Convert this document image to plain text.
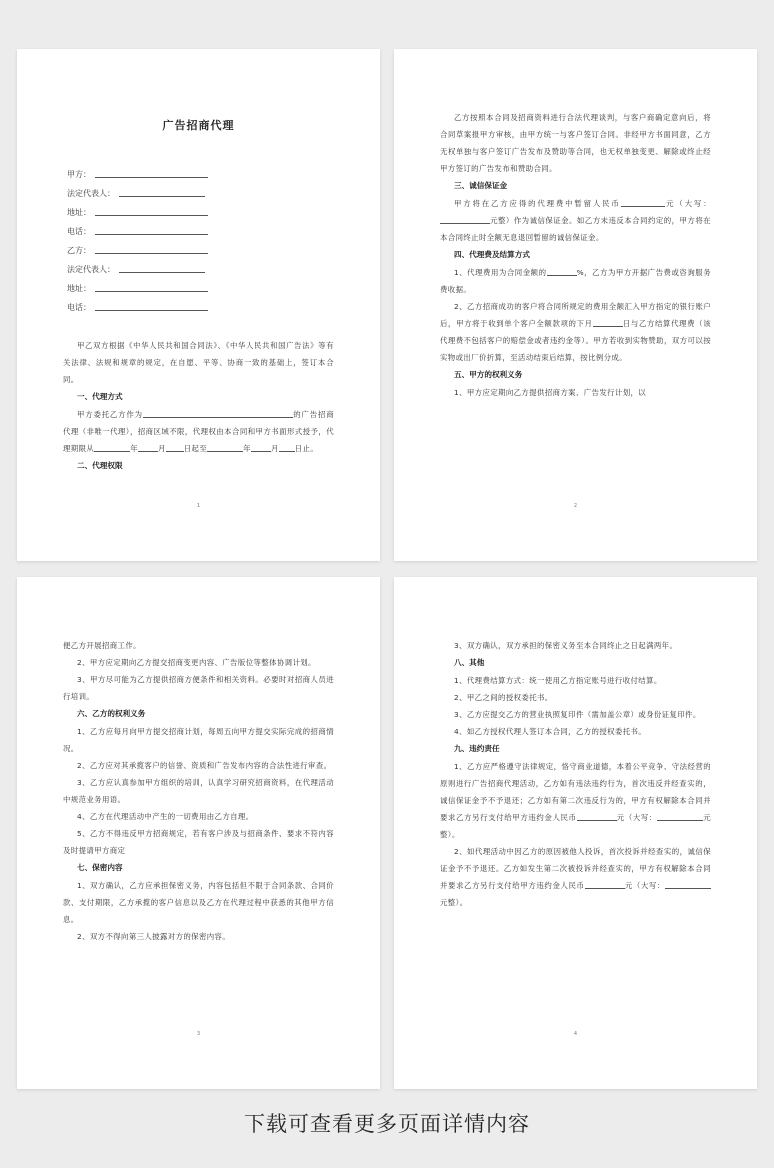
广告招商代理
甲方：
法定代表人：
地址：
电话：
乙方：
法定代表人：
地址：
电话：

甲乙双方根据《中华人民共和国合同法》、《中华人民共和国广告法》等有关法律、法规和规章的规定，在自愿、平等、协商一致的基础上，签订本合同。

一、代理方式

甲方委托乙方作为	的广告招商代理（非唯一代理），招商区域不限，代理权由本合同和甲方书面形式授予，代理期限从	年	月 日起至	年	月 日止。

二、代理权限
1

乙方按照本合同及招商资料进行合法代理谈判，与客户商确定意向后，将合同草案报甲方审核，由甲方统一与客户签订合同。非经甲方书面同意，乙方无权单独与客户签订广告发布及赞助等合同，也无权单独变更、解除或终止经甲方签订的广告发布和赞助合同。

三、诚信保证金

甲方将在乙方应得的代理费中暂留人民币	元（大写：元整）作为诚信保证金。如乙方未违反本合同约定的，甲方将在本合同终止时全额无息退回暂留的诚信保证金。

四、代理费及结算方式

1、代理费用为合同金额的	%，乙方为甲方开据广告费或咨询服务费收据。

2、乙方招商成功的客户将合同所规定的费用全额汇入甲方指定的银行账户后，甲方将于收到单个客户全额款项的下月	日与乙方结算代理费（该代理费不包括客户的赔偿金或者违约金等）。甲方若收到实物赞助，双方可以按实物或出厂价折算，至活动结束后结算，按比例分成。

五、甲方的权利义务

1、甲方应定期向乙方提供招商方案、广告发行计划，以

2

便乙方开展招商工作。

2、甲方应定期向乙方提交招商变更内容、广告版位等整体协调计划。

3、甲方尽可能为乙方提供招商方便条件和相关资料。必要时对招商人员进行培训。

六、乙方的权利义务

1、乙方应每月向甲方提交招商计划，每周五向甲方提交实际完成的招商情况。

2、乙方应对其承揽客户的信誉、资质和广告发布内容的合法性进行审查。

3、乙方应认真参加甲方组织的培训，认真学习研究招商资料，在代理活动中规范业务用语。

4、乙方在代理活动中产生的一切费用由乙方自理。

5、乙方不得违反甲方招商规定，若有客户涉及与招商条件、要求不符内容及时提请甲方商定

七、保密内容

1、双方确认，乙方应承担保密义务，内容包括但不限于合同条款、合同价款、支付期限，乙方承揽的客户信息以及乙方在代理过程中获悉的其他甲方信息。

2、双方不得向第三人披露对方的保密内容。

3

3、双方确认，双方承担的保密义务至本合同终止之日起满两年。

八、其他

1、代理费结算方式：统一使用乙方指定账号进行收付结算。

2、甲乙之间的授权委托书。

3、乙方应提交乙方的营业执照复印件（需加盖公章）或身份证复印件。

4、如乙方授权代理人签订本合同，乙方的授权委托书。

九、违约责任

1、乙方应严格遵守法律规定，恪守商业道德，本着公平竞争、守法经营的原则进行广告招商代理活动，乙方如有违法违约行为，首次违反并经查实的，诚信保证金予不予退还；乙方如有第二次违反行为的，甲方有权解除本合同并要求乙方另行支付给甲方违约金人民币	元（大写：	元整）。

2、如代理活动中因乙方的原因被他人投诉，首次投诉并经查实的，诚信保证金予不予退还。乙方如发生第二次被投诉并经查实的，甲方有权解除本合同并要求乙方另行支付给甲方违约金人民币	元（大写：元整）。

4
下载可查看更多页面详情内容
